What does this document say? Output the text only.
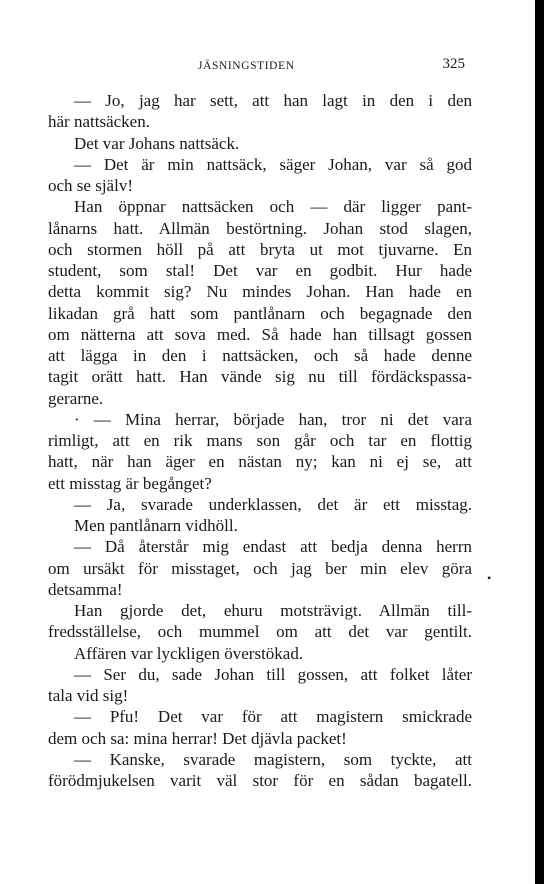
JÄSNINGSTIDEN	325
— Jo, jag har sett, att han lagt in den i den
här nattsäcken.
Det var Johans nattsäck.
— Det är min nattsäck, säger Johan, var så god
och se själv!
Han öppnar nattsäcken och — där ligger pant-
lånarns hatt. Allmän bestörtning. Johan stod slagen,
och stormen höll på att bryta ut mot tjuvarne. En
student, som stal! Det var en godbit. Hur hade
detta kommit sig? Nu mindes Johan. Han hade en
likadan grå hatt som pantlånarn och begagnade den
om nätterna att sova med. Så hade han tillsagt gossen
att lägga in den i nattsäcken, och så hade denne
tagit orätt hatt. Han vände sig nu till fördäckspassa-
gerarne.
· — Mina herrar, började han, tror ni det vara
rimligt, att en rik mans son går och tar en flottig
hatt, när han äger en nästan ny; kan ni ej se, att
ett misstag är begånget?
— Ja, svarade underklassen, det är ett misstag.
Men pantlånarn vidhöll.
— Då återstår mig endast att bedja denna herrn
om ursäkt för misstaget, och jag ber min elev göra
detsamma!
Han gjorde det, ehuru motsträvigt. Allmän till-
fredsställelse, och mummel om att det var gentilt.
Affären var lyckligen överstökad.
— Ser du, sade Johan till gossen, att folket låter
tala vid sig!
— Pfu! Det var för att magistern smickrade
dem och sa: mina herrar! Det djävla packet!
— Kanske, svarade magistern, som tyckte, att
förödmjukelsen varit väl stor för en sådan bagatell.
•
